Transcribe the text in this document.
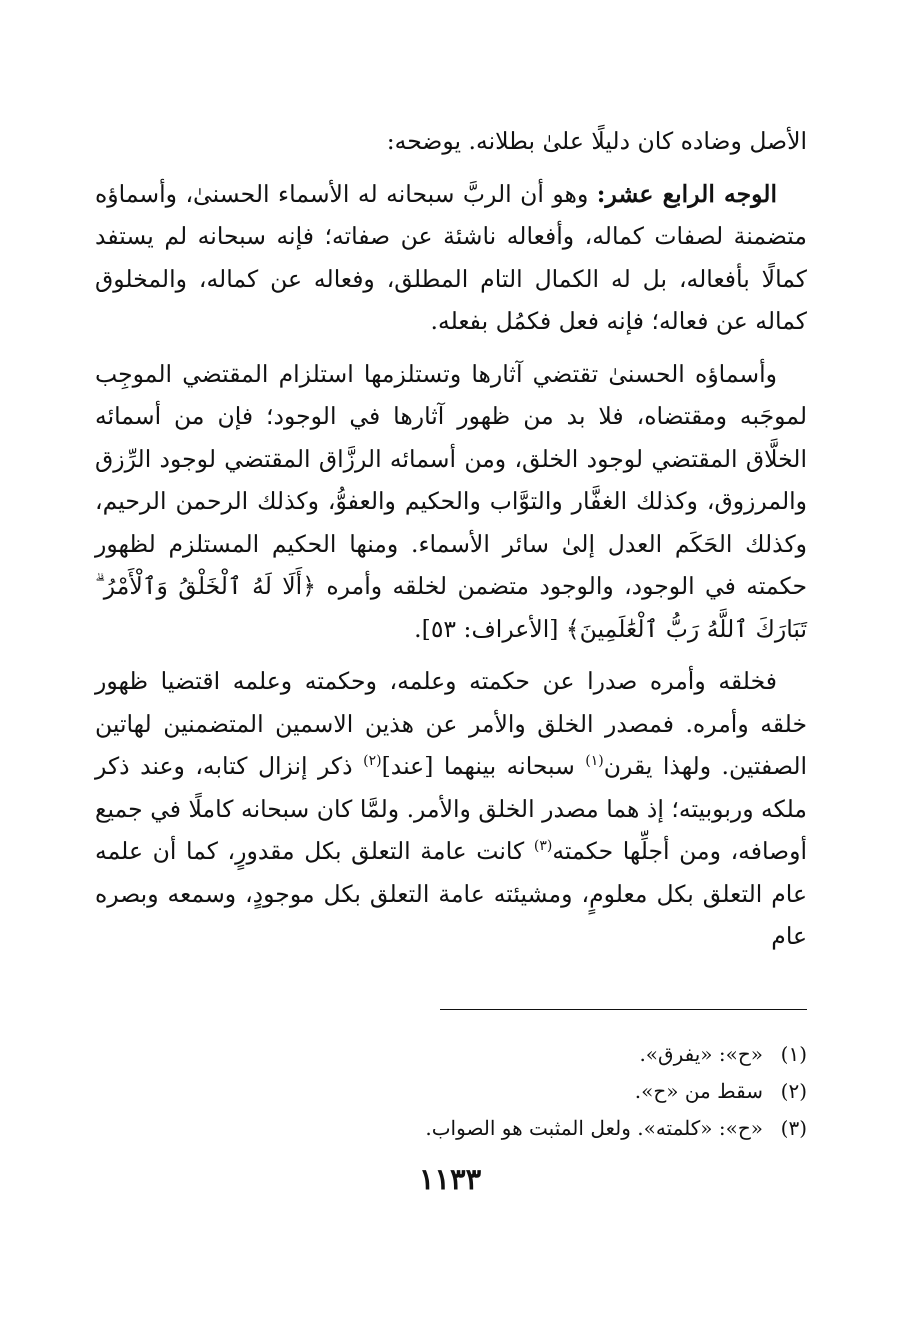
الأصل وضاده كان دليلًا علىٰ بطلانه. يوضحه:

الوجه الرابع عشر: وهو أن الربَّ سبحانه له الأسماء الحسنىٰ، وأسماؤه متضمنة لصفات كماله، وأفعاله ناشئة عن صفاته؛ فإنه سبحانه لم يستفد كمالًا بأفعاله، بل له الكمال التام المطلق، وفعاله عن كماله، والمخلوق كماله عن فعاله؛ فإنه فعل فكمُل بفعله.

وأسماؤه الحسنىٰ تقتضي آثارها وتستلزمها استلزام المقتضي الموجِب لموجَبه ومقتضاه، فلا بد من ظهور آثارها في الوجود؛ فإن من أسمائه الخلَّاق المقتضي لوجود الخلق، ومن أسمائه الرزَّاق المقتضي لوجود الرِّزق والمرزوق، وكذلك الغفَّار والتوَّاب والحكيم والعفوُّ، وكذلك الرحمن الرحيم، وكذلك الحَكَم العدل إلىٰ سائر الأسماء. ومنها الحكيم المستلزم لظهور حكمته في الوجود، والوجود متضمن لخلقه وأمره ﴿أَلَا لَهُ ٱلْخَلْقُ وَٱلْأَمْرُ ۗ تَبَارَكَ ٱللَّهُ رَبُّ ٱلْعَٰلَمِينَ﴾ [الأعراف: ٥٣].

فخلقه وأمره صدرا عن حكمته وعلمه، وحكمته وعلمه اقتضيا ظهور خلقه وأمره. فمصدر الخلق والأمر عن هذين الاسمين المتضمنين لهاتين الصفتين. ولهذا يقرن$^{(١)}$ سبحانه بينهما [عند]$^{(٢)}$ ذكر إنزال كتابه، وعند ذكر ملكه وربوبيته؛ إذ هما مصدر الخلق والأمر. ولمَّا كان سبحانه كاملًا في جميع أوصافه، ومن أجلِّها حكمته$^{(٣)}$ كانت عامة التعلق بكل مقدورٍ، كما أن علمه عام التعلق بكل معلومٍ، ومشيئته عامة التعلق بكل موجودٍ، وسمعه وبصره عام

(١)«ح»: «يفرق».
(٢)سقط من «ح».
(٣)«ح»: «كلمته». ولعل المثبت هو الصواب.
١١٣٣
